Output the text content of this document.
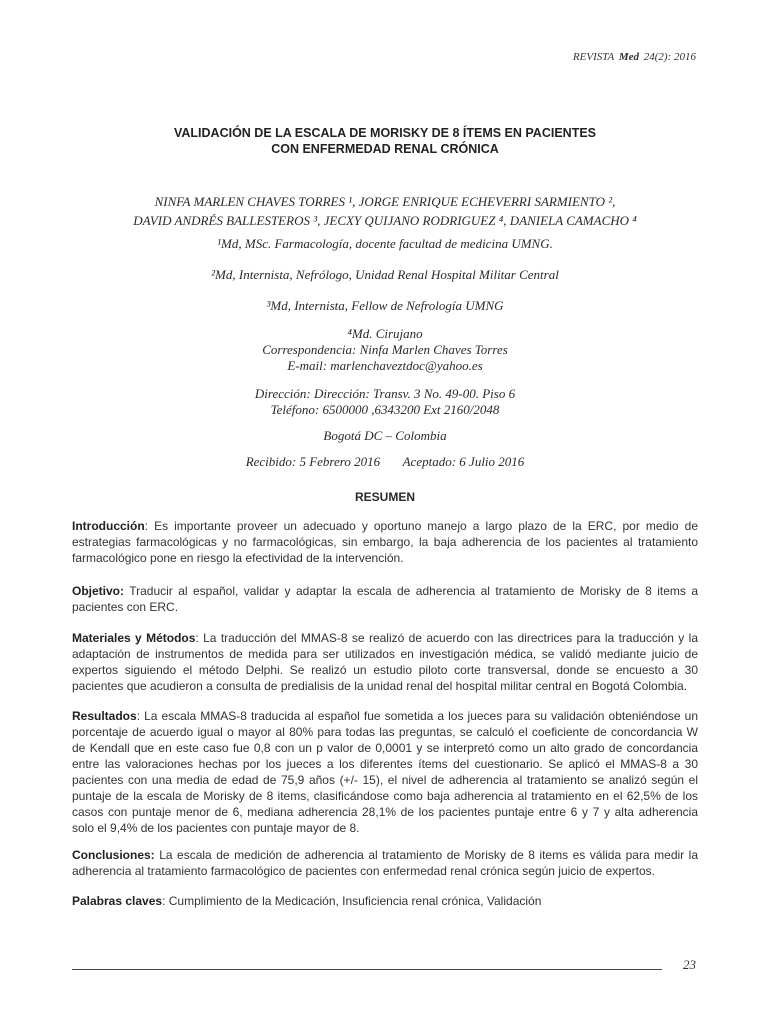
REVISTA Med 24(2): 2016
VALIDACIÓN DE LA ESCALA DE MORISKY DE 8 ÍTEMS EN PACIENTES
CON ENFERMEDAD RENAL CRÓNICA
NINFA MARLEN CHAVES TORRES ¹, JORGE ENRIQUE ECHEVERRI SARMIENTO ²,
DAVID ANDRÉS BALLESTEROS ³, JECXY QUIJANO RODRIGUEZ ⁴, DANIELA CAMACHO ⁴
¹Md, MSc. Farmacología, docente facultad de medicina UMNG.
²Md, Internista, Nefrólogo, Unidad Renal Hospital Militar Central
³Md, Internista, Fellow de Nefrología UMNG
⁴Md. Cirujano
Correspondencia: Ninfa Marlen Chaves Torres
E-mail: marlenchaveztdoc@yahoo.es
Dirección: Dirección: Transv. 3 No. 49-00. Piso 6
Teléfono: 6500000 ,6343200 Ext 2160/2048
Bogotá DC – Colombia
Recibido: 5 Febrero 2016       Aceptado: 6 Julio 2016
RESUMEN

Introducción: Es importante proveer un adecuado y oportuno manejo a largo plazo de la ERC, por medio de estrategias farmacológicas y no farmacológicas, sin embargo, la baja adherencia de los pacientes al tratamiento farmacológico pone en riesgo la efectividad de la intervención.

Objetivo: Traducir al español, validar y adaptar la escala de adherencia al tratamiento de Morisky de 8 items a pacientes con ERC.

Materiales y Métodos: La traducción del MMAS-8 se realizó de acuerdo con las directrices para la traducción y la adaptación de instrumentos de medida para ser utilizados en investigación médica, se validó mediante juicio de expertos siguiendo el método Delphi. Se realizó un estudio piloto corte transversal, donde se encuesto a 30 pacientes que acudieron a consulta de predialisis de la unidad renal del hospital militar central en Bogotá Colombia.

Resultados: La escala MMAS-8 traducida al español fue sometida a los jueces para su validación obteniéndose un porcentaje de acuerdo igual o mayor al 80% para todas las preguntas, se calculó el coeficiente de concordancia W de Kendall que en este caso fue 0,8 con un p valor de 0,0001 y se interpretó como un alto grado de concordancia entre las valoraciones hechas por los jueces a los diferentes ítems del cuestionario. Se aplicó el MMAS-8 a 30 pacientes con una media de edad de 75,9 años (+/- 15), el nivel de adherencia al tratamiento se analizó según el puntaje de la escala de Morisky de 8 items, clasificándose como baja adherencia al tratamiento en el 62,5% de los casos con puntaje menor de 6, mediana adherencia 28,1% de los pacientes puntaje entre 6 y 7 y alta adherencia solo el 9,4% de los pacientes con puntaje mayor de 8.

Conclusiones: La escala de medición de adherencia al tratamiento de Morisky de 8 items es válida para medir la adherencia al tratamiento farmacológico de pacientes con enfermedad renal crónica según juicio de expertos.

Palabras claves: Cumplimiento de la Medicación, Insuficiencia renal crónica, Validación

23
